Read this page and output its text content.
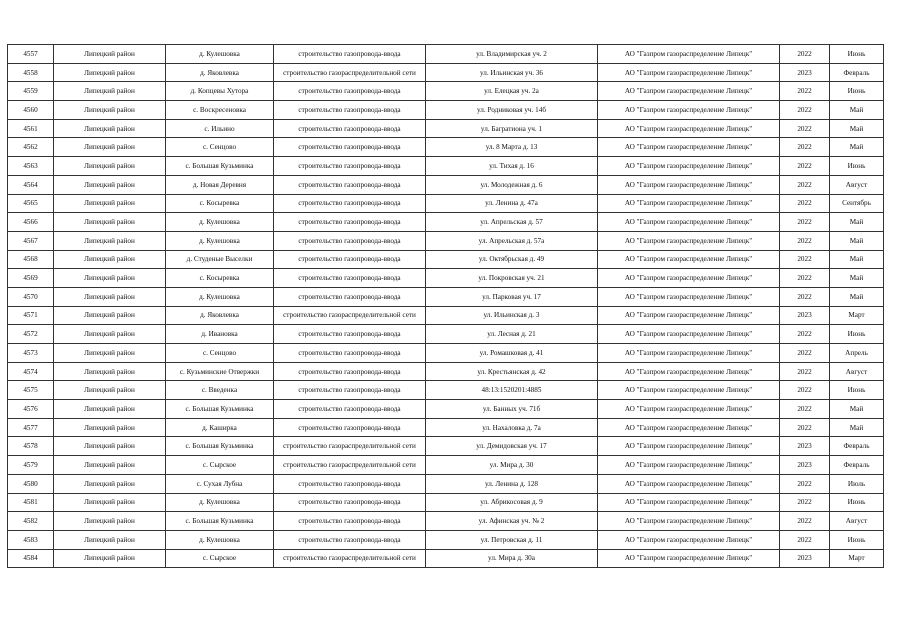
4557	Липецкий район	д. Кулешовка	строительство газопровода-ввода	ул. Владимирская уч. 2	АО "Газпром газораспределение Липецк"	2022	Июнь
4558	Липецкий район	д. Яковлевка	строительство газораспределительной сети	ул. Ильинская уч. 36	АО "Газпром газораспределение Липецк"	2023	Февраль
4559	Липецкий район	д. Копцевы Хутора	строительство газопровода-ввода	ул. Елецкая уч. 2а	АО "Газпром газораспределение Липецк"	2022	Июнь
4560	Липецкий район	с. Воскресеновка	строительство газопровода-ввода	ул. Родниковая уч. 14б	АО "Газпром газораспределение Липецк"	2022	Май
4561	Липецкий район	с. Ильино	строительство газопровода-ввода	ул. Багратиона уч. 1	АО "Газпром газораспределение Липецк"	2022	Май
4562	Липецкий район	с. Сенцово	строительство газопровода-ввода	ул. 8 Марта д. 13	АО "Газпром газораспределение Липецк"	2022	Май
4563	Липецкий район	с. Большая Кузьминка	строительство газопровода-ввода	ул. Тихая д. 16	АО "Газпром газораспределение Липецк"	2022	Июнь
4564	Липецкий район	д. Новая Деревня	строительство газопровода-ввода	ул. Молодежная д. 6	АО "Газпром газораспределение Липецк"	2022	Август
4565	Липецкий район	с. Косыревка	строительство газопровода-ввода	ул. Ленина д. 47а	АО "Газпром газораспределение Липецк"	2022	Сентябрь
4566	Липецкий район	д. Кулешовка	строительство газопровода-ввода	ул. Апрельская д. 57	АО "Газпром газораспределение Липецк"	2022	Май
4567	Липецкий район	д. Кулешовка	строительство газопровода-ввода	ул. Апрельская д. 57а	АО "Газпром газораспределение Липецк"	2022	Май
4568	Липецкий район	д. Студеные Выселки	строительство газопровода-ввода	ул. Октябрьская д. 49	АО "Газпром газораспределение Липецк"	2022	Май
4569	Липецкий район	с. Косыревка	строительство газопровода-ввода	ул. Покровская уч. 21	АО "Газпром газораспределение Липецк"	2022	Май
4570	Липецкий район	д. Кулешовка	строительство газопровода-ввода	ул. Парковая уч. 17	АО "Газпром газораспределение Липецк"	2022	Май
4571	Липецкий район	д. Яковлевка	строительство газораспределительной сети	ул. Ильинская д. 3	АО "Газпром газораспределение Липецк"	2023	Март
4572	Липецкий район	д. Ивановка	строительство газопровода-ввода	ул. Лесная д. 21	АО "Газпром газораспределение Липецк"	2022	Июнь
4573	Липецкий район	с. Сенцово	строительство газопровода-ввода	ул. Ромашковая д. 41	АО "Газпром газораспределение Липецк"	2022	Апрель
4574	Липецкий район	с. Кузьминские Отвержки	строительство газопровода-ввода	ул. Крестьянская д. 42	АО "Газпром газораспределение Липецк"	2022	Август
4575	Липецкий район	с. Введенка	строительство газопровода-ввода	48:13:1520201:4885	АО "Газпром газораспределение Липецк"	2022	Июнь
4576	Липецкий район	с. Большая Кузьминка	строительство газопровода-ввода	ул. Банных уч. 71б	АО "Газпром газораспределение Липецк"	2022	Май
4577	Липецкий район	д. Каширка	строительство газопровода-ввода	ул. Нахаловка д. 7а	АО "Газпром газораспределение Липецк"	2022	Май
4578	Липецкий район	с. Большая Кузьминка	строительство газораспределительной сети	ул. Демидовская уч. 17	АО "Газпром газораспределение Липецк"	2023	Февраль
4579	Липецкий район	с. Сырское	строительство газораспределительной сети	ул. Мира д. 30	АО "Газпром газораспределение Липецк"	2023	Февраль
4580	Липецкий район	с. Сухая Лубна	строительство газопровода-ввода	ул. Ленина д. 128	АО "Газпром газораспределение Липецк"	2022	Июль
4581	Липецкий район	д. Кулешовка	строительство газопровода-ввода	ул. Абрикосовая д. 9	АО "Газпром газораспределение Липецк"	2022	Июнь
4582	Липецкий район	с. Большая Кузьминка	строительство газопровода-ввода	ул. Афинская уч. № 2	АО "Газпром газораспределение Липецк"	2022	Август
4583	Липецкий район	д. Кулешовка	строительство газопровода-ввода	ул. Петровская д. 11	АО "Газпром газораспределение Липецк"	2022	Июнь
4584	Липецкий район	с. Сырское	строительство газораспределительной сети	ул. Мира д. 30а	АО "Газпром газораспределение Липецк"	2023	Март
